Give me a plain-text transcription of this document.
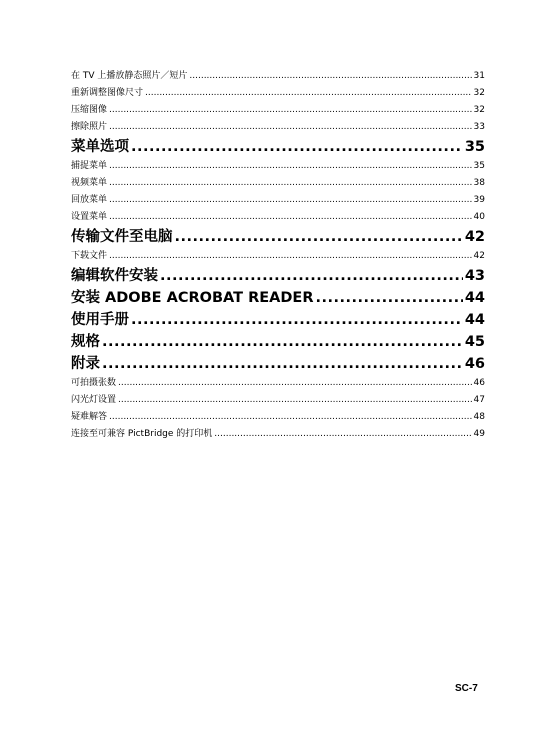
在 TV 上播放静态照片／短片 .....	31
重新调整图像尺寸 .....	32
压缩图像 .....	32
擦除照片 .....	33
菜单选项 .....	35
捕捉菜单 .....	35
视频菜单 .....	38
回放菜单 .....	39
设置菜单 .....	40
传输文件至电脑 .....	42
下载文件 .....	42
编辑软件安装 .....	43
安装 ADOBE ACROBAT READER .....	44
使用手册 .....	44
规格 .....	45
附录 .....	46
可拍摄张数 .....	46
闪光灯设置 .....	47
疑难解答 .....	48
连接至可兼容 PictBridge 的打印机 .....	49
SC-7
